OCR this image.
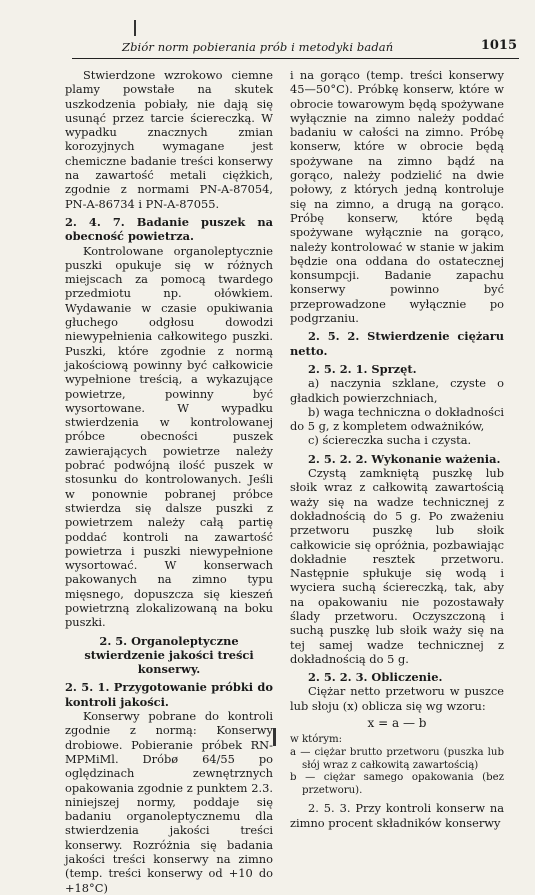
Zbiór norm pobierania prób i metodyki badań	1015

Stwierdzone wzrokowo ciemne plamy powstałe na skutek uszkodzenia pobiały, nie dają się usunąć przez tarcie ściereczką. W wypadku znacznych zmian korozyjnych wymagane jest chemiczne badanie treści konserwy na zawartość metali ciężkich, zgodnie z normami PN-A-87054, PN-A-86734 i PN-A-87055.

2. 4. 7. Badanie puszek na obecność powietrza.

Kontrolowane organoleptycznie puszki opukuje się w różnych miejscach za pomocą twardego przedmiotu np. ołówkiem. Wydawanie w czasie opukiwania głuchego odgłosu dowodzi niewypełnienia całkowitego puszki. Puszki, które zgodnie z normą jakościową powinny być całkowicie wypełnione treścią, a wykazujące powietrze, powinny być wysortowane. W wypadku stwierdzenia w kontrolowanej próbce obecności puszek zawierających powietrze należy pobrać podwójną ilość puszek w stosunku do kontrolowanych. Jeśli w ponownie pobranej próbce stwierdza się dalsze puszki z powietrzem należy całą partię poddać kontroli na zawartość powietrza i puszki niewypełnione wysortować. W konserwach pakowanych na zimno typu mięsnego, dopuszcza się kieszeń powietrzną zlokalizowaną na boku puszki.

2. 5. Organoleptyczne stwierdzenie jakości treści konserwy.

2. 5. 1. Przygotowanie próbki do kontroli jakości.

Konserwy pobrane do kontroli zgodnie z normą: Konserwy drobiowe. Pobieranie próbek RN-MPMiMl. Dróbø 64/55 po oględzinach zewnętrznych opakowania zgodnie z punktem 2.3. niniejszej normy, poddaje się badaniu organoleptycznemu dla stwierdzenia jakości treści konserwy. Rozróżnia się badania jakości treści konserwy na zimno (temp. treści konserwy od +10 do +18°C)

i na gorąco (temp. treści konserwy 45—50°C). Próbkę konserw, które w obrocie towarowym będą spożywane wyłącznie na zimno należy poddać badaniu w całości na zimno. Próbę konserw, które w obrocie będą spożywane na zimno bądź na gorąco, należy podzielić na dwie połowy, z których jedną kontroluje się na zimno, a drugą na gorąco. Próbę konserw, które będą spożywane wyłącznie na gorąco, należy kontrolować w stanie w jakim będzie ona oddana do ostatecznej konsumpcji. Badanie zapachu konserwy powinno być przeprowadzone wyłącznie po podgrzaniu.

2. 5. 2. Stwierdzenie ciężaru netto.

2. 5. 2. 1. Sprzęt.

a) naczynia szklane, czyste o gładkich powierzchniach,

b) waga techniczna o dokładności do 5 g, z kompletem odważników,

c) ściereczka sucha i czysta.

2. 5. 2. 2. Wykonanie ważenia.

Czystą zamkniętą puszkę lub słoik wraz z całkowitą zawartością waży się na wadze technicznej z dokładnością do 5 g. Po zważeniu przetworu puszkę lub słoik całkowicie się opróżnia, pozbawiając dokładnie resztek przetworu. Następnie spłukuje się wodą i wyciera suchą ściereczką, tak, aby na opakowaniu nie pozostawały ślady przetworu. Oczyszczoną i suchą puszkę lub słoik waży się na tej samej wadze technicznej z dokładnością do 5 g.

2. 5. 2. 3. Obliczenie.

Ciężar netto przetworu w puszce lub słoju (x) oblicza się wg wzoru:

x = a — b

w którym:

a — ciężar brutto przetworu (puszka lub słój wraz z całkowitą zawartością)

b — ciężar samego opakowania (bez przetworu).

2. 5. 3. Przy kontroli konserw na zimno procent składników konserwy
